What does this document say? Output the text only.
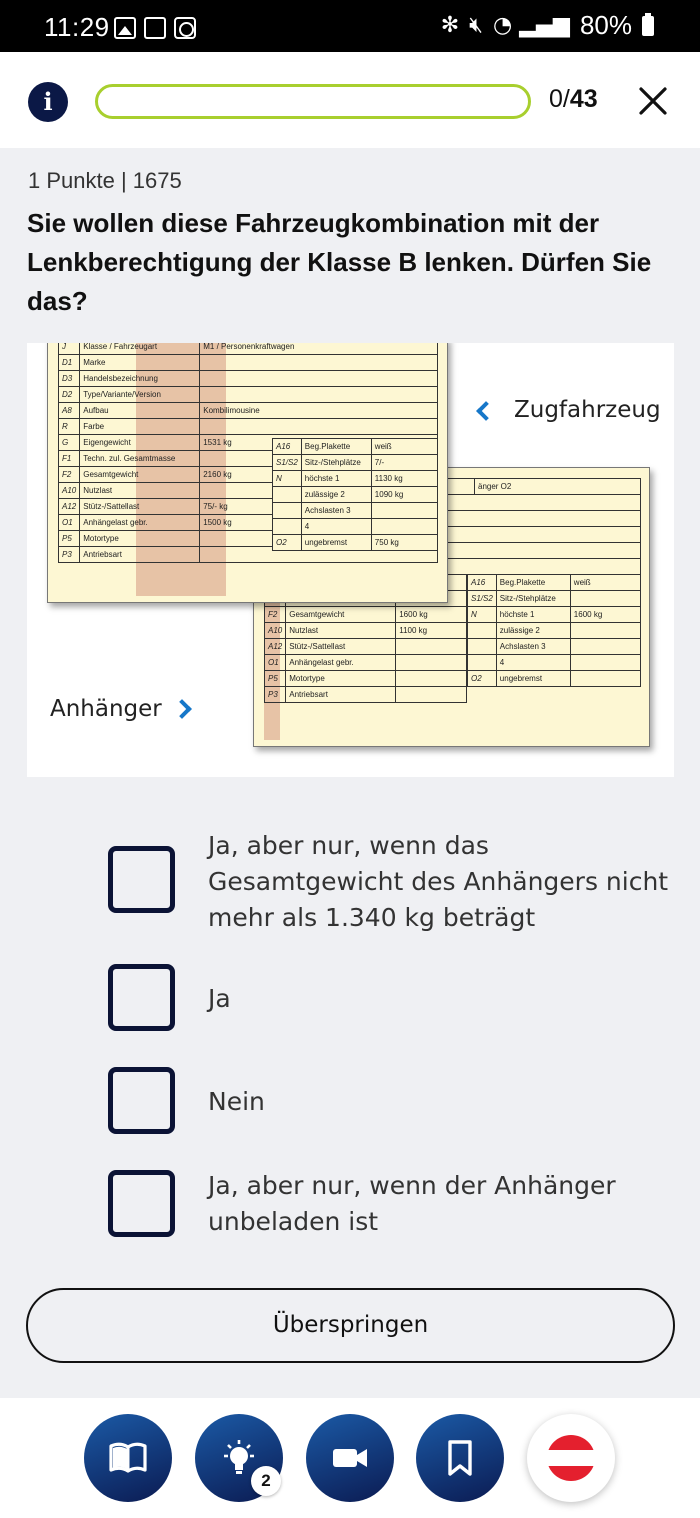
11:29	✻ 🔇︎ ◔ ▂▄▆ 80%
i	0/43
1 Punkte | 1675
Sie wollen diese Fahrzeugkombination mit der Lenkberechtigung der Klasse B lenken. Dürfen Sie das?
	änger O2

F2	Gesamtgewicht	1600 kg
A10	Nutzlast	1100 kg
A12	Stütz-/Sattellast	
O1	Anhängelast gebr.	
P5	Motortype	
P3	Antriebsart	
A16	Beg.Plakette	weiß
S1/S2	Sitz-/Stehplätze	
N	höchste 1	1600 kg
	zulässige 2	
	Achslasten 3	
	4	
O2	ungebremst	
J	Klasse / Fahrzeugart	M1 / Personenkraftwagen
D1	Marke	
D3	Handelsbezeichnung	
D2	Type/Variante/Version	
A8	Aufbau	Kombilimousine
R	Farbe	
G	Eigengewicht	1531 kg
F1	Techn. zul. Gesamtmasse	
F2	Gesamtgewicht	2160 kg
A10	Nutzlast	
A12	Stütz-/Sattellast	75/- kg
O1	Anhängelast gebr.	1500 kg
P5	Motortype	
P3	Antriebsart	
A16	Beg.Plakette	weiß
S1/S2	Sitz-/Stehplätze	7/-
N	höchste 1	1130 kg
	zulässige 2	1090 kg
	Achslasten 3	
	4	
O2	ungebremst	750 kg
Zugfahrzeug
Anhänger
Ja, aber nur, wenn das Gesamtgewicht des Anhängers nicht mehr als 1.340 kg beträgt
Ja
Nein
Ja, aber nur, wenn der Anhänger unbeladen ist
Überspringen
2
